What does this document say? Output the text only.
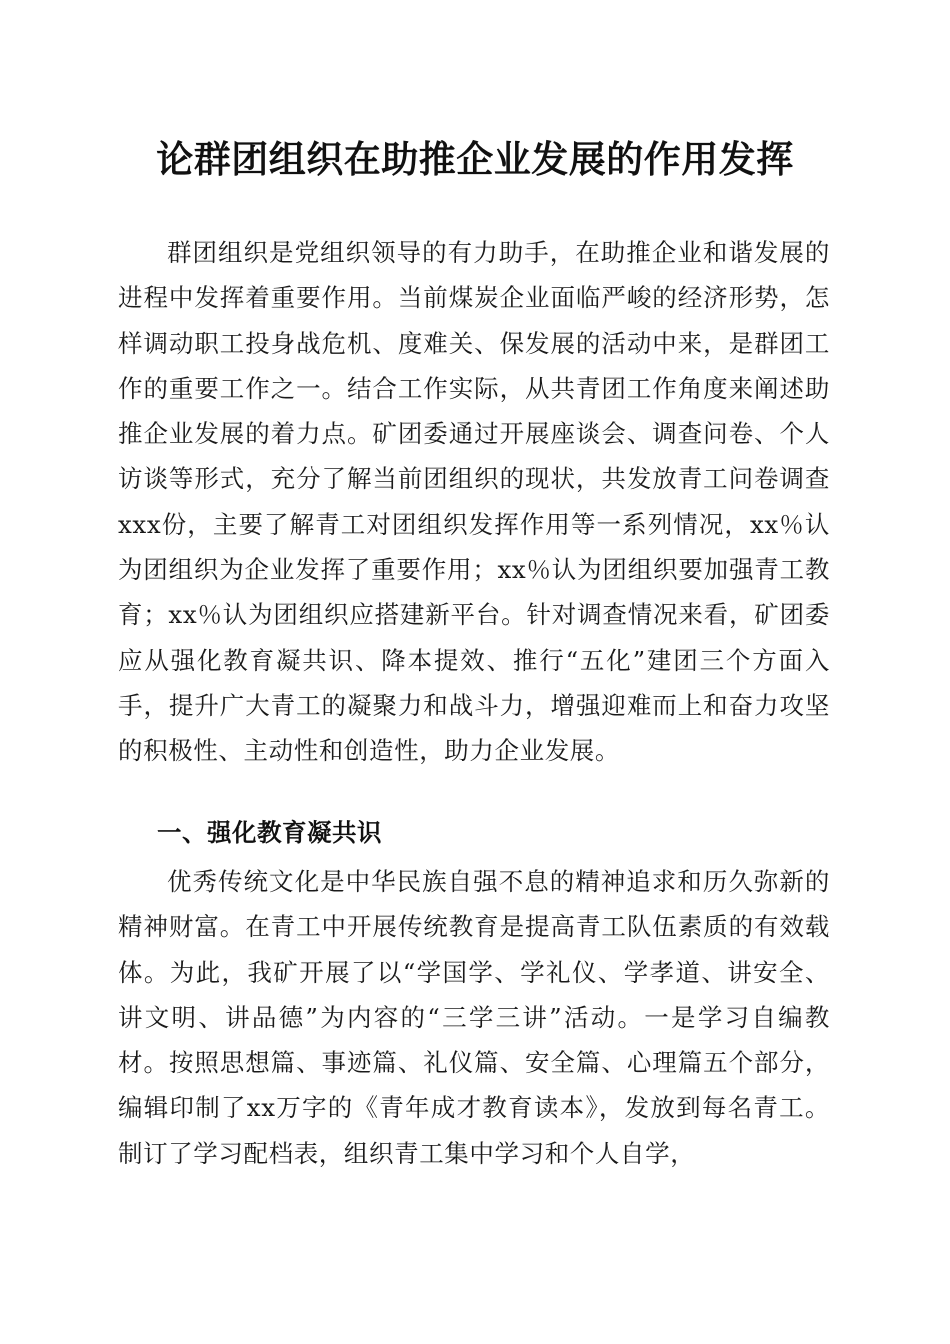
论群团组织在助推企业发展的作用发挥

群团组织是党组织领导的有力助手，在助推企业和谐发展的进程中发挥着重要作用。当前煤炭企业面临严峻的经济形势，怎样调动职工投身战危机、度难关、保发展的活动中来，是群团工作的重要工作之一。结合工作实际，从共青团工作角度来阐述助推企业发展的着力点。矿团委通过开展座谈会、调查问卷、个人访谈等形式，充分了解当前团组织的现状，共发放青工问卷调查xxx份，主要了解青工对团组织发挥作用等一系列情况，xx％认为团组织为企业发挥了重要作用；xx％认为团组织要加强青工教育；xx％认为团组织应搭建新平台。针对调查情况来看，矿团委应从强化教育凝共识、降本提效、推行“五化”建团三个方面入手，提升广大青工的凝聚力和战斗力，增强迎难而上和奋力攻坚的积极性、主动性和创造性，助力企业发展。

一、强化教育凝共识

优秀传统文化是中华民族自强不息的精神追求和历久弥新的精神财富。在青工中开展传统教育是提高青工队伍素质的有效载体。为此，我矿开展了以“学国学、学礼仪、学孝道、讲安全、讲文明、讲品德”为内容的“三学三讲”活动。一是学习自编教材。按照思想篇、事迹篇、礼仪篇、安全篇、心理篇五个部分，编辑印制了xx万字的《青年成才教育读本》，发放到每名青工。制订了学习配档表，组织青工集中学习和个人自学，
